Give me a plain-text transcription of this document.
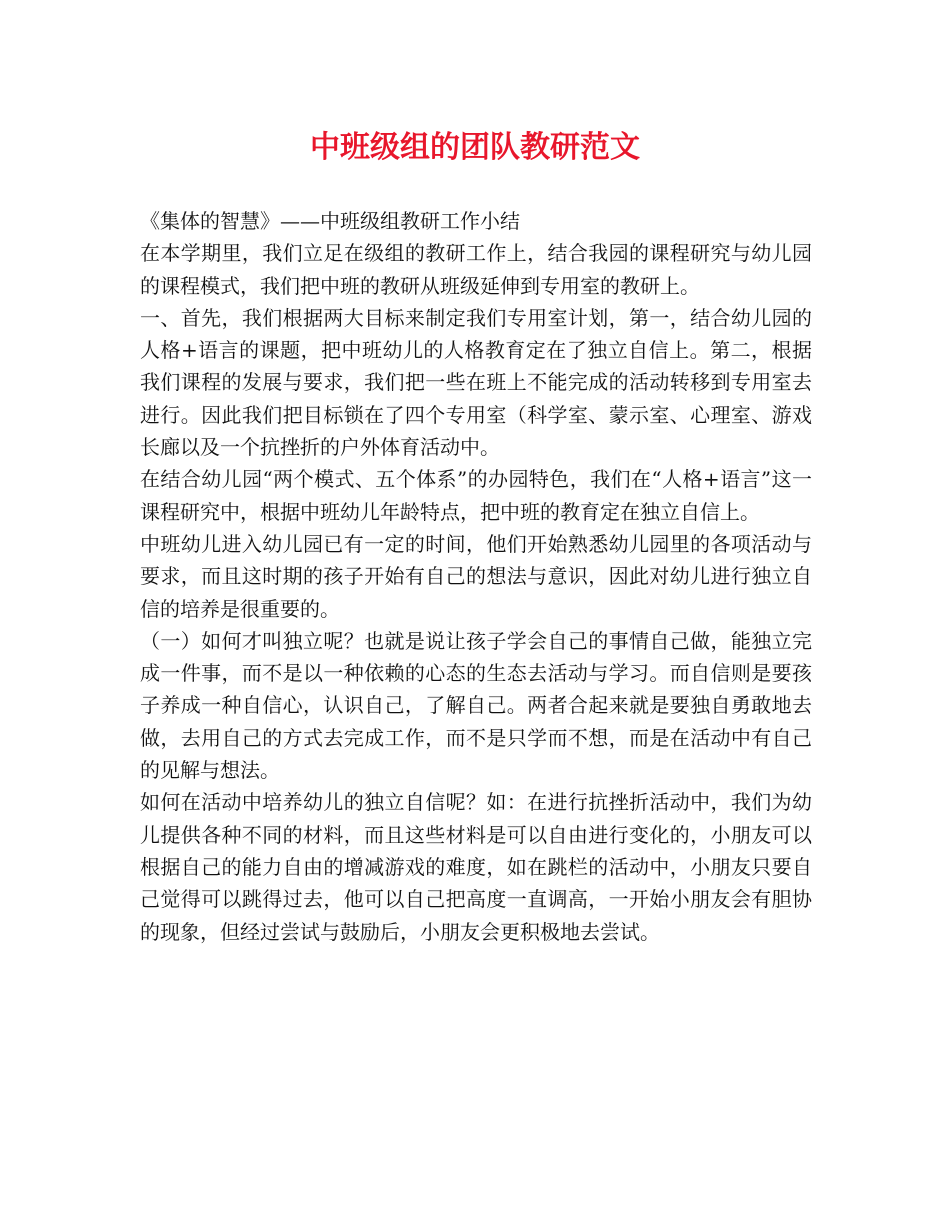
中班级组的团队教研范文

《集体的智慧》——中班级组教研工作小结

在本学期里，我们立足在级组的教研工作上，结合我园的课程研究与幼儿园的课程模式，我们把中班的教研从班级延伸到专用室的教研上。

一、首先，我们根据两大目标来制定我们专用室计划，第一，结合幼儿园的人格+语言的课题，把中班幼儿的人格教育定在了独立自信上。第二，根据我们课程的发展与要求，我们把一些在班上不能完成的活动转移到专用室去进行。因此我们把目标锁在了四个专用室（科学室、蒙示室、心理室、游戏长廊以及一个抗挫折的户外体育活动中。

在结合幼儿园“两个模式、五个体系”的办园特色，我们在“人格+语言”这一课程研究中，根据中班幼儿年龄特点，把中班的教育定在独立自信上。

中班幼儿进入幼儿园已有一定的时间，他们开始熟悉幼儿园里的各项活动与要求，而且这时期的孩子开始有自己的想法与意识，因此对幼儿进行独立自信的培养是很重要的。

（一）如何才叫独立呢？也就是说让孩子学会自己的事情自己做，能独立完成一件事，而不是以一种依赖的心态的生态去活动与学习。而自信则是要孩子养成一种自信心，认识自己，了解自己。两者合起来就是要独自勇敢地去做，去用自己的方式去完成工作，而不是只学而不想，而是在活动中有自己的见解与想法。

如何在活动中培养幼儿的独立自信呢？如：在进行抗挫折活动中，我们为幼儿提供各种不同的材料，而且这些材料是可以自由进行变化的，小朋友可以根据自己的能力自由的增减游戏的难度，如在跳栏的活动中，小朋友只要自己觉得可以跳得过去，他可以自己把高度一直调高，一开始小朋友会有胆协的现象，但经过尝试与鼓励后，小朋友会更积极地去尝试。
